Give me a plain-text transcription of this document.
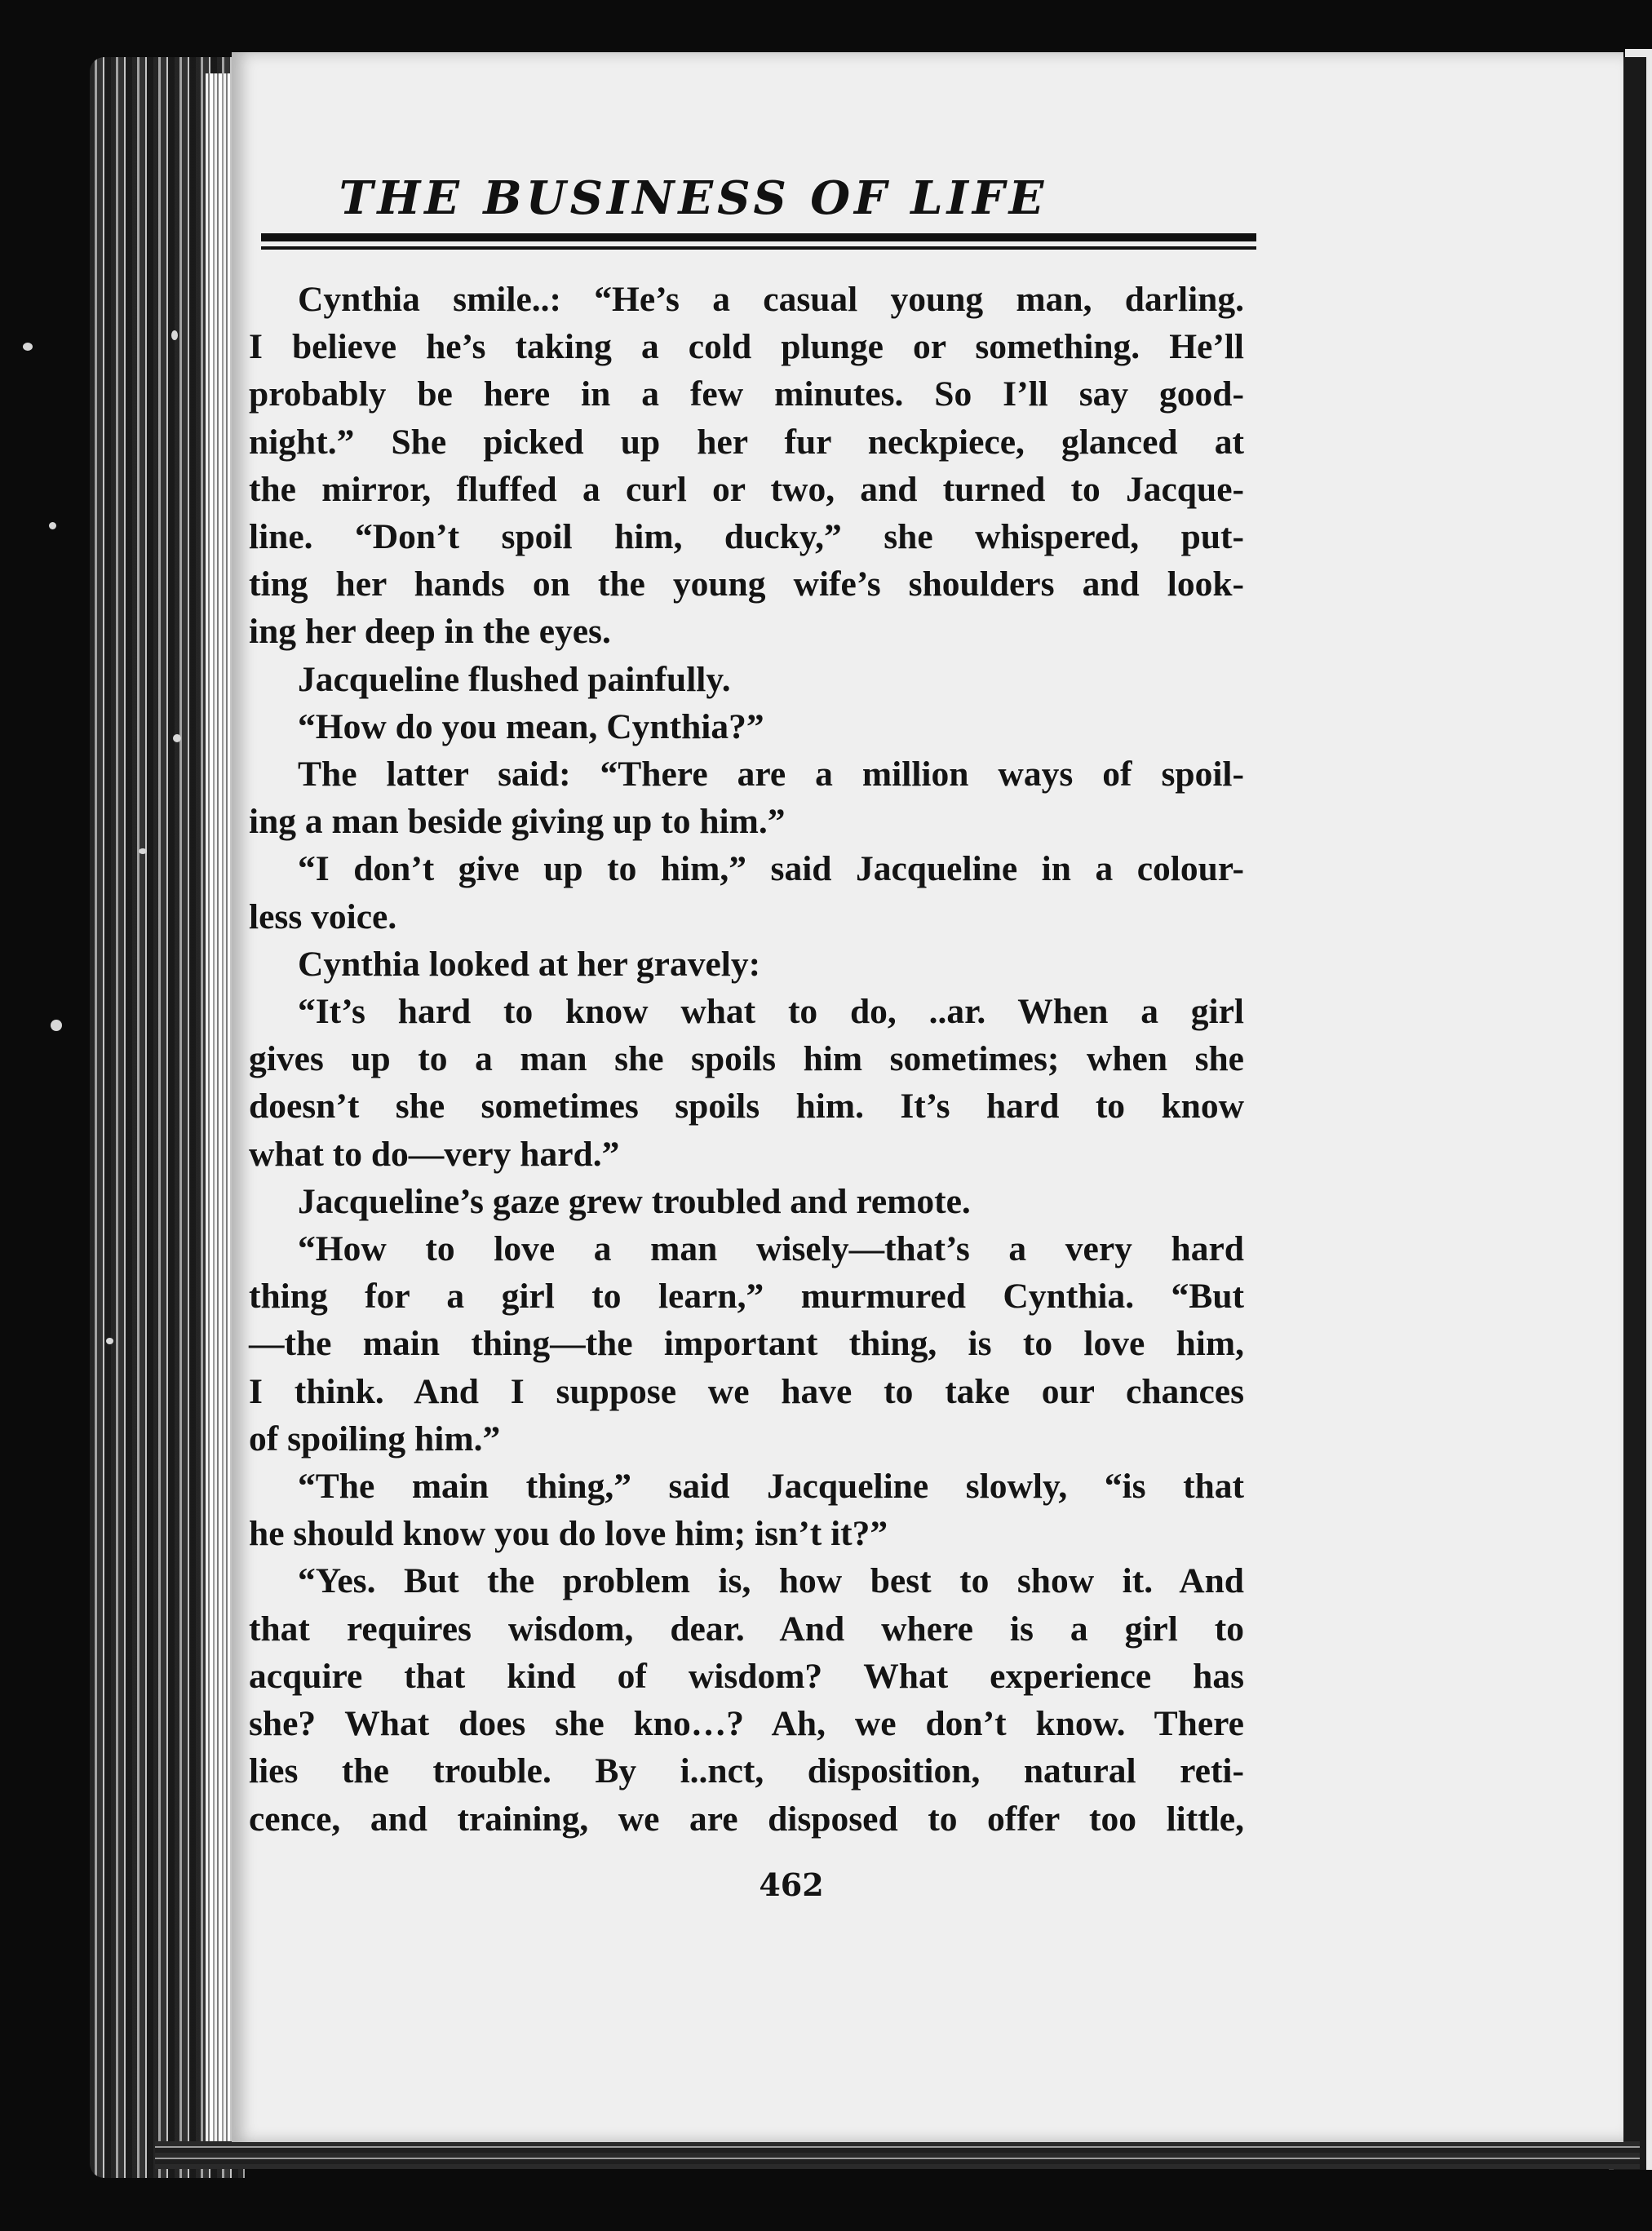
THE BUSINESS OF LIFE
Cynthia smile..: “He’s a casual young man, darling.
I believe he’s taking a cold plunge or something. He’ll
probably be here in a few minutes. So I’ll say good-
night.” She picked up her fur neckpiece, glanced at
the mirror, fluffed a curl or two, and turned to Jacque-
line. “Don’t spoil him, ducky,” she whispered, put-
ting her hands on the young wife’s shoulders and look-
ing her deep in the eyes.
Jacqueline flushed painfully.
“How do you mean, Cynthia?”
The latter said: “There are a million ways of spoil-
ing a man beside giving up to him.”
“I don’t give up to him,” said Jacqueline in a colour-
less voice.
Cynthia looked at her gravely:
“It’s hard to know what to do, ..ar. When a girl
gives up to a man she spoils him sometimes; when she
doesn’t she sometimes spoils him. It’s hard to know
what to do—very hard.”
Jacqueline’s gaze grew troubled and remote.
“How to love a man wisely—that’s a very hard
thing for a girl to learn,” murmured Cynthia. “But
—the main thing—the important thing, is to love him,
I think. And I suppose we have to take our chances
of spoiling him.”
“The main thing,” said Jacqueline slowly, “is that
he should know you do love him; isn’t it?”
“Yes. But the problem is, how best to show it. And
that requires wisdom, dear. And where is a girl to
acquire that kind of wisdom? What experience has
she? What does she kno…? Ah, we don’t know. There
lies the trouble. By i..nct, disposition, natural reti-
cence, and training, we are disposed to offer too little,
462
